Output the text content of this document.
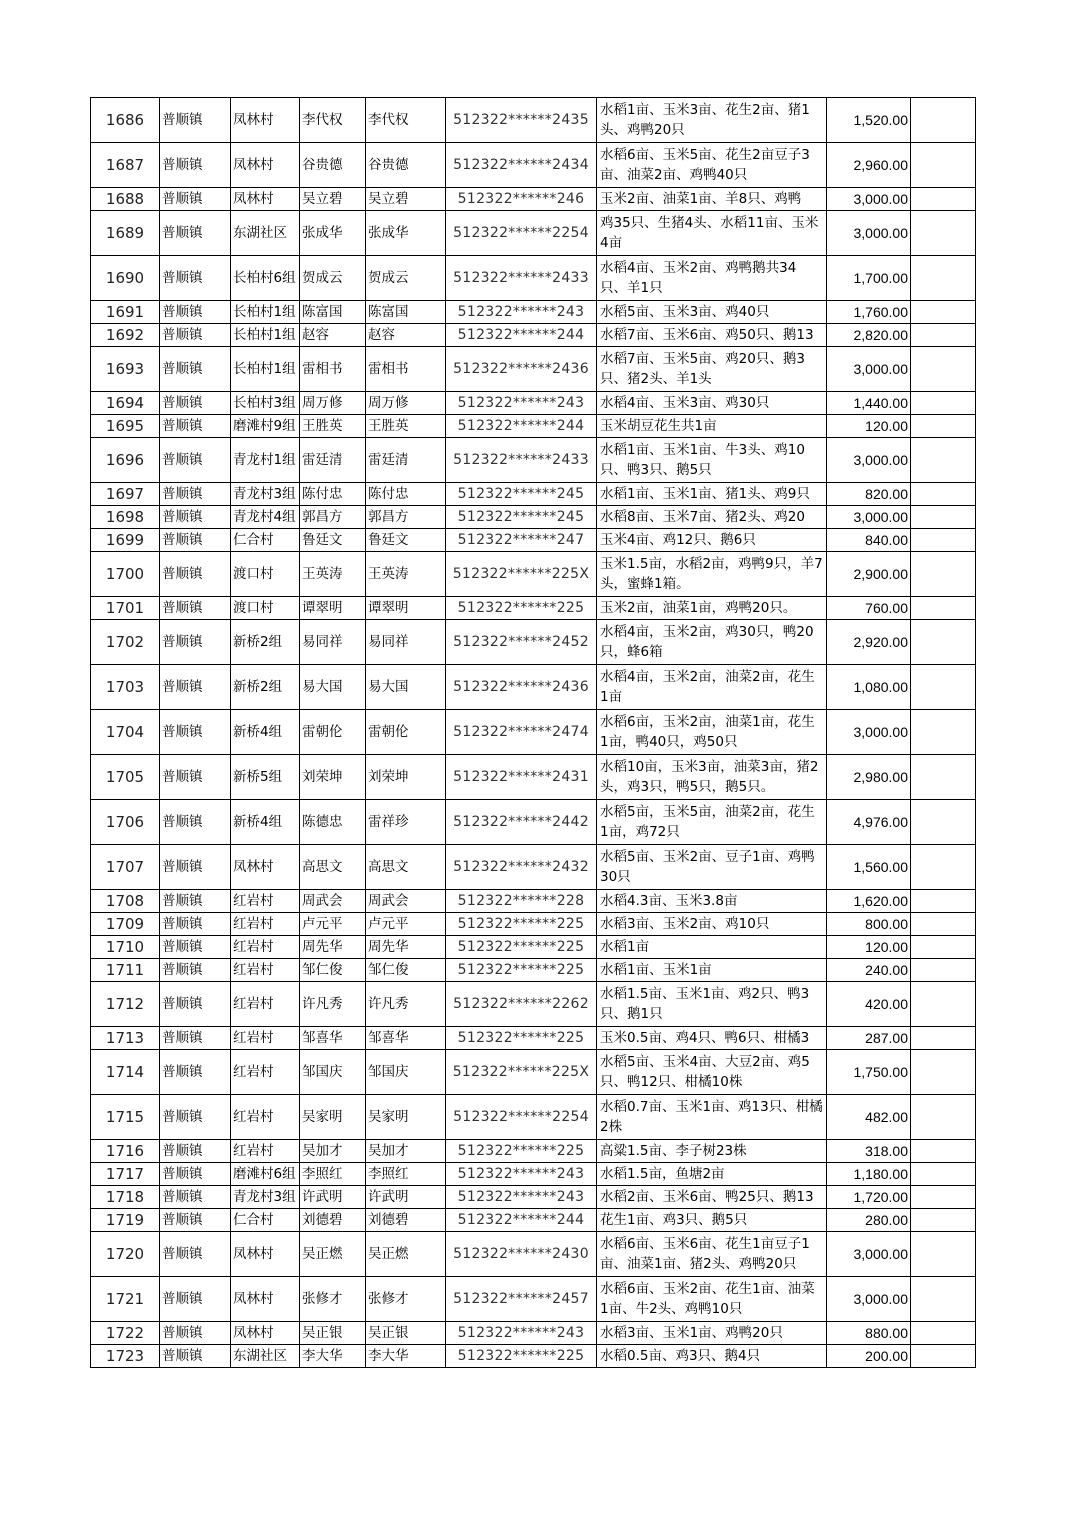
1686	普顺镇	凤林村	李代权	李代权	512322******2435	水稻1亩、玉米3亩、花生2亩、猪1头、鸡鸭20只	1,520.00	
1687	普顺镇	凤林村	谷贵德	谷贵德	512322******2434	水稻6亩、玉米5亩、花生2亩豆子3亩、油菜2亩、鸡鸭40只	2,960.00	
1688	普顺镇	凤林村	吴立碧	吴立碧	512322******246	玉米2亩、油菜1亩、羊8只、鸡鸭	3,000.00	
1689	普顺镇	东湖社区	张成华	张成华	512322******2254	鸡35只、生猪4头、水稻11亩、玉米4亩	3,000.00	
1690	普顺镇	长柏村6组	贺成云	贺成云	512322******2433	水稻4亩、玉米2亩、鸡鸭鹅共34只、羊1只	1,700.00	
1691	普顺镇	长柏村1组	陈富国	陈富国	512322******243	水稻5亩、玉米3亩、鸡40只	1,760.00	
1692	普顺镇	长柏村1组	赵容	赵容	512322******244	水稻7亩、玉米6亩、鸡50只、鹅13	2,820.00	
1693	普顺镇	长柏村1组	雷相书	雷相书	512322******2436	水稻7亩、玉米5亩、鸡20只、鹅3只、猪2头、羊1头	3,000.00	
1694	普顺镇	长柏村3组	周万修	周万修	512322******243	水稻4亩、玉米3亩、鸡30只	1,440.00	
1695	普顺镇	磨滩村9组	王胜英	王胜英	512322******244	玉米胡豆花生共1亩	120.00	
1696	普顺镇	青龙村1组	雷廷清	雷廷清	512322******2433	水稻1亩、玉米1亩、牛3头、鸡10只、鸭3只、鹅5只	3,000.00	
1697	普顺镇	青龙村3组	陈付忠	陈付忠	512322******245	水稻1亩、玉米1亩、猪1头、鸡9只	820.00	
1698	普顺镇	青龙村4组	郭昌方	郭昌方	512322******245	水稻8亩、玉米7亩、猪2头、鸡20	3,000.00	
1699	普顺镇	仁合村	鲁廷文	鲁廷文	512322******247	玉米4亩、鸡12只、鹅6只	840.00	
1700	普顺镇	渡口村	王英涛	王英涛	512322******225X	玉米1.5亩，水稻2亩，鸡鸭9只，羊7头，蜜蜂1箱。	2,900.00	
1701	普顺镇	渡口村	谭翠明	谭翠明	512322******225	玉米2亩，油菜1亩，鸡鸭20只。	760.00	
1702	普顺镇	新桥2组	易同祥	易同祥	512322******2452	水稻4亩，玉米2亩，鸡30只，鸭20只，蜂6箱	2,920.00	
1703	普顺镇	新桥2组	易大国	易大国	512322******2436	水稻4亩，玉米2亩，油菜2亩，花生1亩	1,080.00	
1704	普顺镇	新桥4组	雷朝伦	雷朝伦	512322******2474	水稻6亩，玉米2亩，油菜1亩，花生1亩，鸭40只，鸡50只	3,000.00	
1705	普顺镇	新桥5组	刘荣坤	刘荣坤	512322******2431	水稻10亩，玉米3亩，油菜3亩，猪2头，鸡3只，鸭5只，鹅5只。	2,980.00	
1706	普顺镇	新桥4组	陈德忠	雷祥珍	512322******2442	水稻5亩，玉米5亩，油菜2亩，花生1亩，鸡72只	4,976.00	
1707	普顺镇	凤林村	高思文	高思文	512322******2432	水稻5亩、玉米2亩、豆子1亩、鸡鸭30只	1,560.00	
1708	普顺镇	红岩村	周武会	周武会	512322******228	水稻4.3亩、玉米3.8亩	1,620.00	
1709	普顺镇	红岩村	卢元平	卢元平	512322******225	水稻3亩、玉米2亩、鸡10只	800.00	
1710	普顺镇	红岩村	周先华	周先华	512322******225	水稻1亩	120.00	
1711	普顺镇	红岩村	邹仁俊	邹仁俊	512322******225	水稻1亩、玉米1亩	240.00	
1712	普顺镇	红岩村	许凡秀	许凡秀	512322******2262	水稻1.5亩、玉米1亩、鸡2只、鸭3只、鹅1只	420.00	
1713	普顺镇	红岩村	邹喜华	邹喜华	512322******225	玉米0.5亩、鸡4只、鸭6只、柑橘3	287.00	
1714	普顺镇	红岩村	邹国庆	邹国庆	512322******225X	水稻5亩、玉米4亩、大豆2亩、鸡5只、鸭12只、柑橘10株	1,750.00	
1715	普顺镇	红岩村	吴家明	吴家明	512322******2254	水稻0.7亩、玉米1亩、鸡13只、柑橘2株	482.00	
1716	普顺镇	红岩村	吴加才	吴加才	512322******225	高粱1.5亩、李子树23株	318.00	
1717	普顺镇	磨滩村6组	李照红	李照红	512322******243	水稻1.5亩，鱼塘2亩	1,180.00	
1718	普顺镇	青龙村3组	许武明	许武明	512322******243	水稻2亩、玉米6亩、鸭25只、鹅13	1,720.00	
1719	普顺镇	仁合村	刘德碧	刘德碧	512322******244	花生1亩、鸡3只、鹅5只	280.00	
1720	普顺镇	凤林村	吴正燃	吴正燃	512322******2430	水稻6亩、玉米6亩、花生1亩豆子1亩、油菜1亩、猪2头、鸡鸭20只	3,000.00	
1721	普顺镇	凤林村	张修才	张修才	512322******2457	水稻6亩、玉米2亩、花生1亩、油菜1亩、牛2头、鸡鸭10只	3,000.00	
1722	普顺镇	凤林村	吴正银	吴正银	512322******243	水稻3亩、玉米1亩、鸡鸭20只	880.00	
1723	普顺镇	东湖社区	李大华	李大华	512322******225	水稻0.5亩、鸡3只、鹅4只	200.00	
